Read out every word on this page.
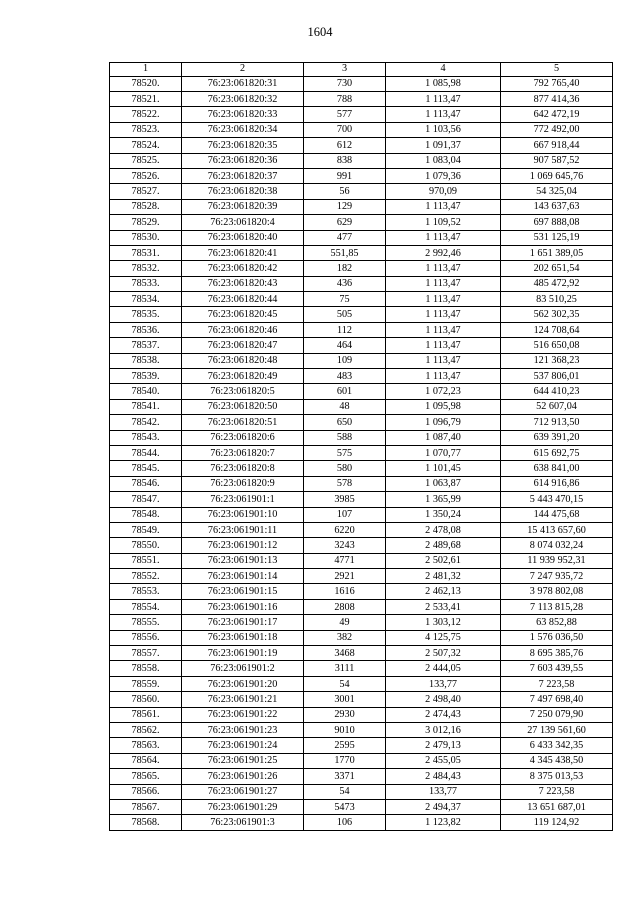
1604
1	2	3	4	5
78520.	76:23:061820:31	730	1 085,98	792 765,40
78521.	76:23:061820:32	788	1 113,47	877 414,36
78522.	76:23:061820:33	577	1 113,47	642 472,19
78523.	76:23:061820:34	700	1 103,56	772 492,00
78524.	76:23:061820:35	612	1 091,37	667 918,44
78525.	76:23:061820:36	838	1 083,04	907 587,52
78526.	76:23:061820:37	991	1 079,36	1 069 645,76
78527.	76:23:061820:38	56	970,09	54 325,04
78528.	76:23:061820:39	129	1 113,47	143 637,63
78529.	76:23:061820:4	629	1 109,52	697 888,08
78530.	76:23:061820:40	477	1 113,47	531 125,19
78531.	76:23:061820:41	551,85	2 992,46	1 651 389,05
78532.	76:23:061820:42	182	1 113,47	202 651,54
78533.	76:23:061820:43	436	1 113,47	485 472,92
78534.	76:23:061820:44	75	1 113,47	83 510,25
78535.	76:23:061820:45	505	1 113,47	562 302,35
78536.	76:23:061820:46	112	1 113,47	124 708,64
78537.	76:23:061820:47	464	1 113,47	516 650,08
78538.	76:23:061820:48	109	1 113,47	121 368,23
78539.	76:23:061820:49	483	1 113,47	537 806,01
78540.	76:23:061820:5	601	1 072,23	644 410,23
78541.	76:23:061820:50	48	1 095,98	52 607,04
78542.	76:23:061820:51	650	1 096,79	712 913,50
78543.	76:23:061820:6	588	1 087,40	639 391,20
78544.	76:23:061820:7	575	1 070,77	615 692,75
78545.	76:23:061820:8	580	1 101,45	638 841,00
78546.	76:23:061820:9	578	1 063,87	614 916,86
78547.	76:23:061901:1	3985	1 365,99	5 443 470,15
78548.	76:23:061901:10	107	1 350,24	144 475,68
78549.	76:23:061901:11	6220	2 478,08	15 413 657,60
78550.	76:23:061901:12	3243	2 489,68	8 074 032,24
78551.	76:23:061901:13	4771	2 502,61	11 939 952,31
78552.	76:23:061901:14	2921	2 481,32	7 247 935,72
78553.	76:23:061901:15	1616	2 462,13	3 978 802,08
78554.	76:23:061901:16	2808	2 533,41	7 113 815,28
78555.	76:23:061901:17	49	1 303,12	63 852,88
78556.	76:23:061901:18	382	4 125,75	1 576 036,50
78557.	76:23:061901:19	3468	2 507,32	8 695 385,76
78558.	76:23:061901:2	3111	2 444,05	7 603 439,55
78559.	76:23:061901:20	54	133,77	7 223,58
78560.	76:23:061901:21	3001	2 498,40	7 497 698,40
78561.	76:23:061901:22	2930	2 474,43	7 250 079,90
78562.	76:23:061901:23	9010	3 012,16	27 139 561,60
78563.	76:23:061901:24	2595	2 479,13	6 433 342,35
78564.	76:23:061901:25	1770	2 455,05	4 345 438,50
78565.	76:23:061901:26	3371	2 484,43	8 375 013,53
78566.	76:23:061901:27	54	133,77	7 223,58
78567.	76:23:061901:29	5473	2 494,37	13 651 687,01
78568.	76:23:061901:3	106	1 123,82	119 124,92
